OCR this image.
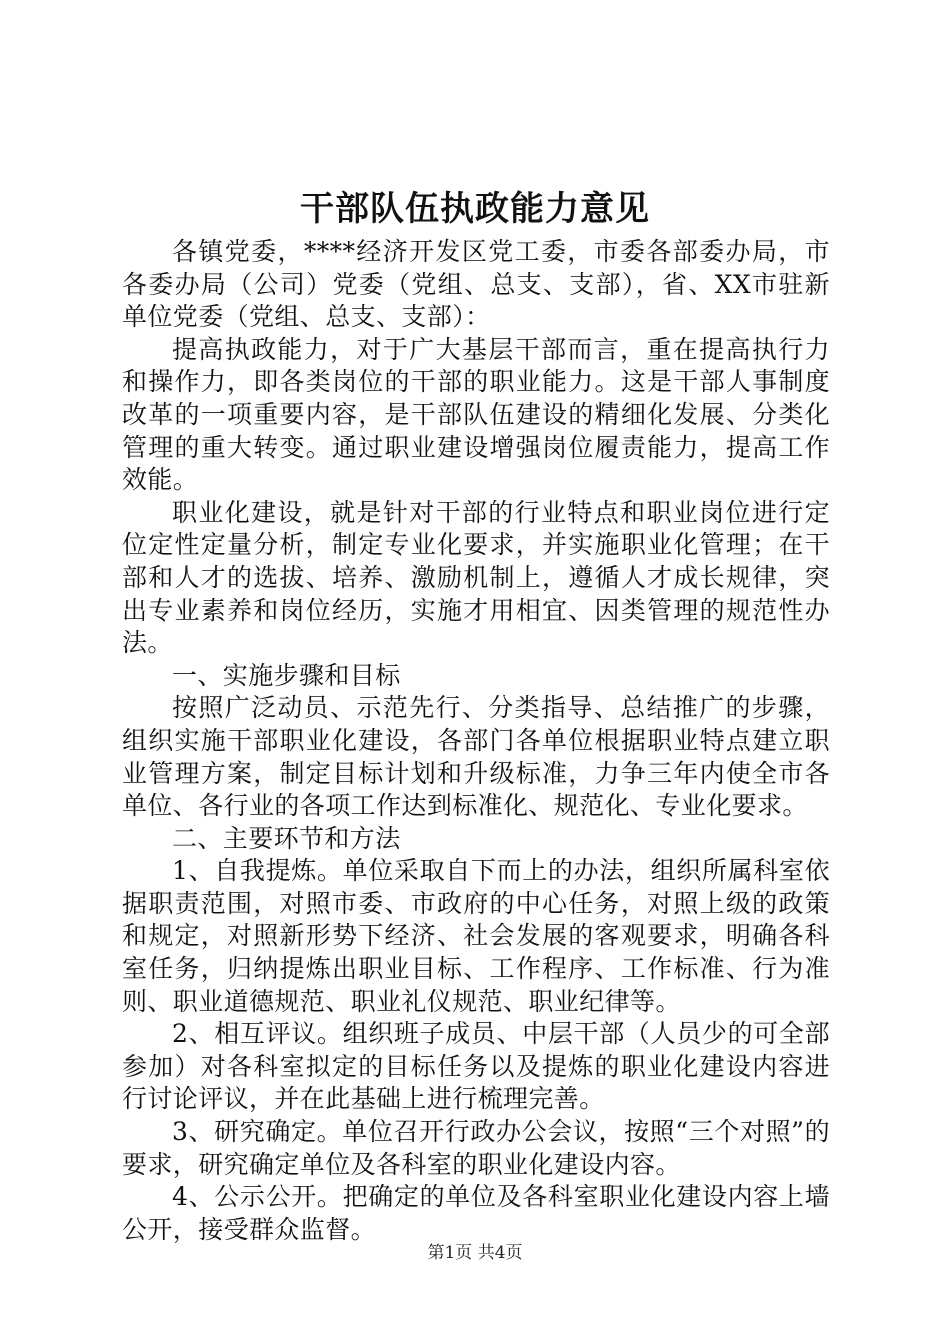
干部队伍执政能力意见

各镇党委，****经济开发区党工委，市委各部委办局，市各委办局（公司）党委（党组、总支、支部），省、XX市驻新单位党委（党组、总支、支部）：

提高执政能力，对于广大基层干部而言，重在提高执行力和操作力，即各类岗位的干部的职业能力。这是干部人事制度改革的一项重要内容，是干部队伍建设的精细化发展、分类化管理的重大转变。通过职业建设增强岗位履责能力，提高工作效能。

职业化建设，就是针对干部的行业特点和职业岗位进行定位定性定量分析，制定专业化要求，并实施职业化管理；在干部和人才的选拔、培养、激励机制上，遵循人才成长规律，突出专业素养和岗位经历，实施才用相宜、因类管理的规范性办法。

一、实施步骤和目标

按照广泛动员、示范先行、分类指导、总结推广的步骤，组织实施干部职业化建设，各部门各单位根据职业特点建立职业管理方案，制定目标计划和升级标准，力争三年内使全市各单位、各行业的各项工作达到标准化、规范化、专业化要求。

二、主要环节和方法

1、自我提炼。单位采取自下而上的办法，组织所属科室依据职责范围，对照市委、市政府的中心任务，对照上级的政策和规定，对照新形势下经济、社会发展的客观要求，明确各科室任务，归纳提炼出职业目标、工作程序、工作标准、行为准则、职业道德规范、职业礼仪规范、职业纪律等。

2、相互评议。组织班子成员、中层干部（人员少的可全部参加）对各科室拟定的目标任务以及提炼的职业化建设内容进行讨论评议，并在此基础上进行梳理完善。

3、研究确定。单位召开行政办公会议，按照“三个对照”的要求，研究确定单位及各科室的职业化建设内容。

4、公示公开。把确定的单位及各科室职业化建设内容上墙公开，接受群众监督。

第1页 共4页
